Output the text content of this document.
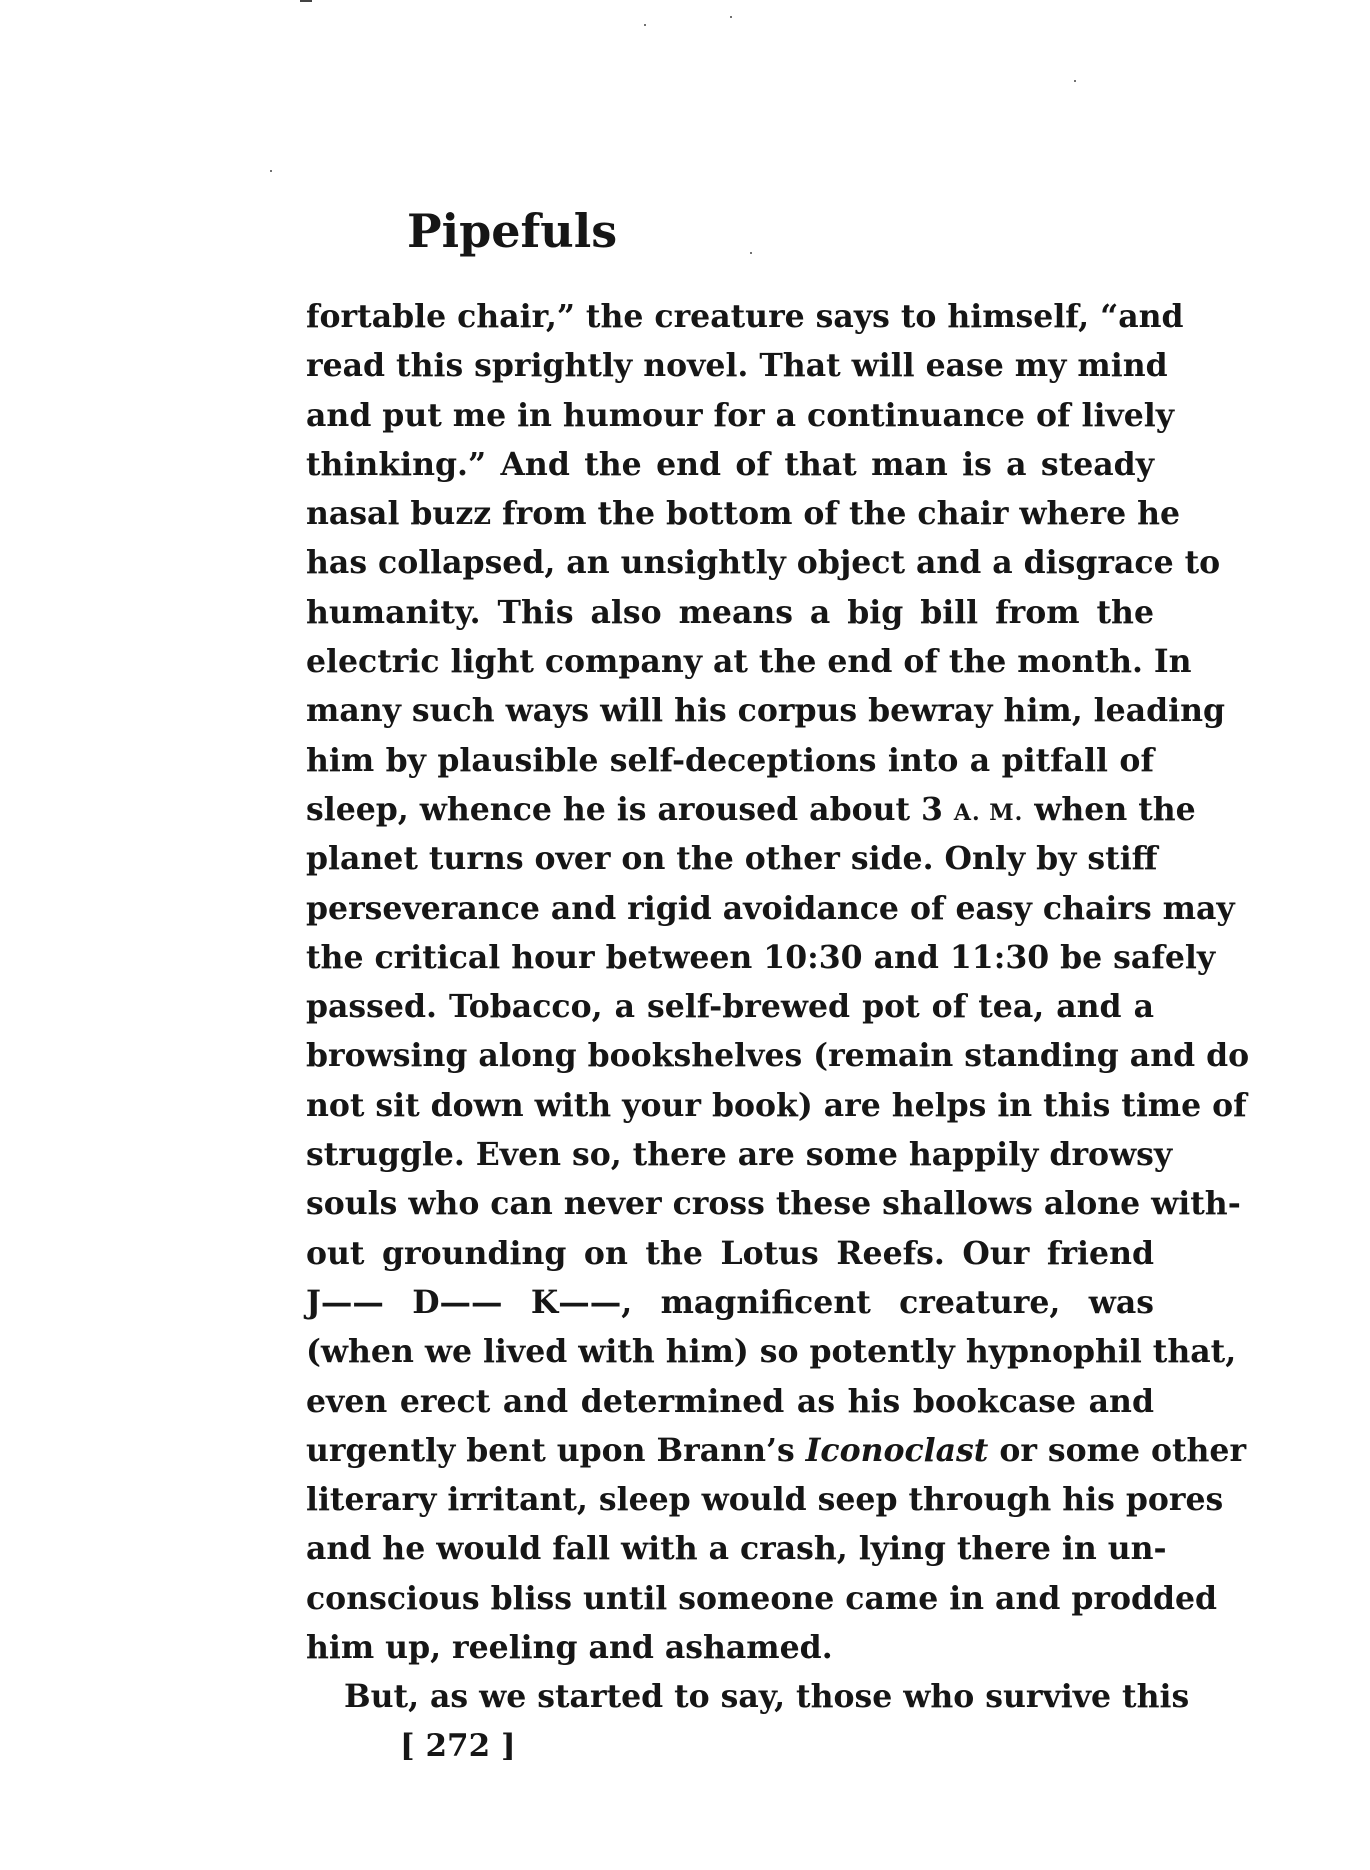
Pipefuls
fortable chair,” the creature says to himself, “and
read this sprightly novel. That will ease my mind
and put me in humour for a continuance of lively
thinking.” And the end of that man is a steady
nasal buzz from the bottom of the chair where he
has collapsed, an unsightly object and a disgrace to
humanity. This also means a big bill from the
electric light company at the end of the month. In
many such ways will his corpus bewray him, leading
him by plausible self-deceptions into a pitfall of
sleep, whence he is aroused about 3 A. M. when the
planet turns over on the other side. Only by stiff
perseverance and rigid avoidance of easy chairs may
the critical hour between 10:30 and 11:30 be safely
passed. Tobacco, a self-brewed pot of tea, and a
browsing along bookshelves (remain standing and do
not sit down with your book) are helps in this time of
struggle. Even so, there are some happily drowsy
souls who can never cross these shallows alone with-
out grounding on the Lotus Reefs. Our friend
J—— D—— K——, magnificent creature, was
(when we lived with him) so potently hypnophil that,
even erect and determined as his bookcase and
urgently bent upon Brann’s Iconoclast or some other
literary irritant, sleep would seep through his pores
and he would fall with a crash, lying there in un-
conscious bliss until someone came in and prodded
him up, reeling and ashamed.
But, as we started to say, those who survive this
[ 272 ]
